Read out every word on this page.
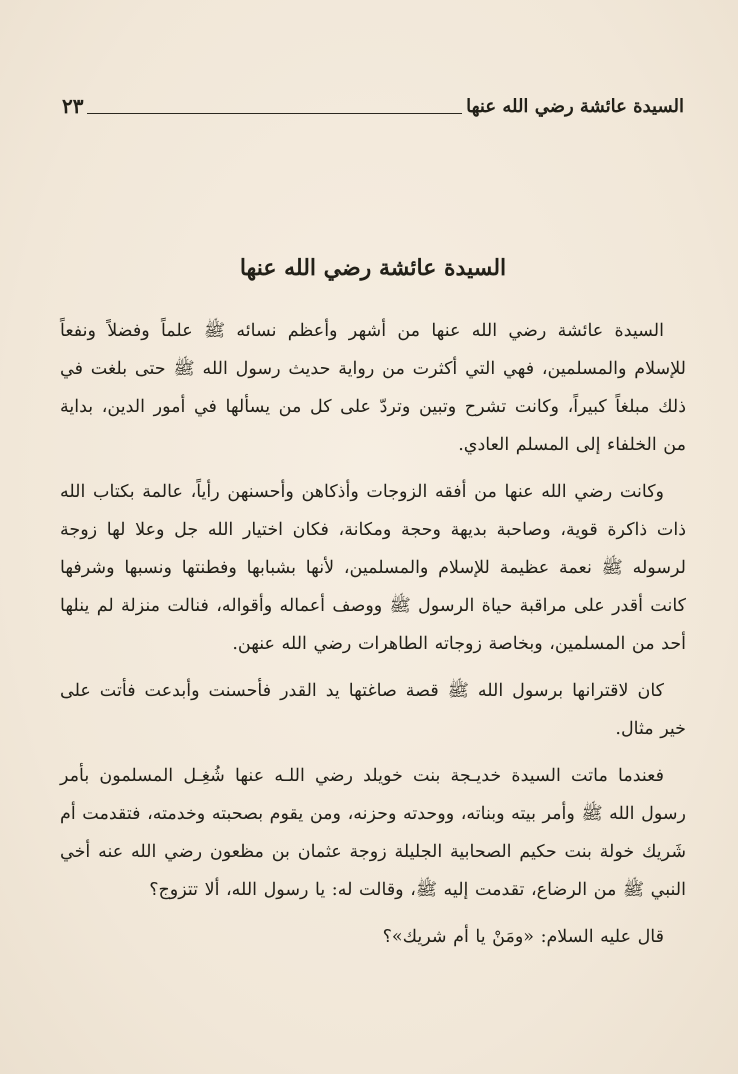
السيدة عائشة رضي الله عنها
٢٣
السيدة عائشة رضي الله عنها

السيدة عائشة رضي الله عنها من أشهر وأعظم نسائه ﷺ علماً وفضلاً ونفعاً للإسلام والمسلمين، فهي التي أكثرت من رواية حديث رسول الله ﷺ حتى بلغت في ذلك مبلغاً كبيراً، وكانت تشرح وتبين وتردّ على كل من يسألها في أمور الدين، بداية من الخلفاء إلى المسلم العادي.

وكانت رضي الله عنها من أفقه الزوجات وأذكاهن وأحسنهن رأياً، عالمة بكتاب الله ذات ذاكرة قوية، وصاحبة بديهة وحجة ومكانة، فكان اختيار الله جل وعلا لها زوجة لرسوله ﷺ نعمة عظيمة للإسلام والمسلمين، لأنها بشبابها وفطنتها ونسبها وشرفها كانت أقدر على مراقبة حياة الرسول ﷺ ووصف أعماله وأقواله، فنالت منزلة لم ينلها أحد من المسلمين، وبخاصة زوجاته الطاهرات رضي الله عنهن.

كان لاقترانها برسول الله ﷺ قصة صاغتها يد القدر فأحسنت وأبدعت فأتت على خير مثال.

فعندما ماتت السيدة خديـجة بنت خويلد رضي اللـه عنها شُغِـل المسلمون بأمر رسول الله ﷺ وأمر بيته وبناته، ووحدته وحزنه، ومن يقوم بصحبته وخدمته، فتقدمت أم شَريك خولة بنت حكيم الصحابية الجليلة زوجة عثمان بن مظعون رضي الله عنه أخي النبي ﷺ من الرضاع، تقدمت إليه ﷺ، وقالت له: يا رسول الله، ألا تتزوج؟

قال عليه السلام: «ومَنْ يا أم شريك»؟
